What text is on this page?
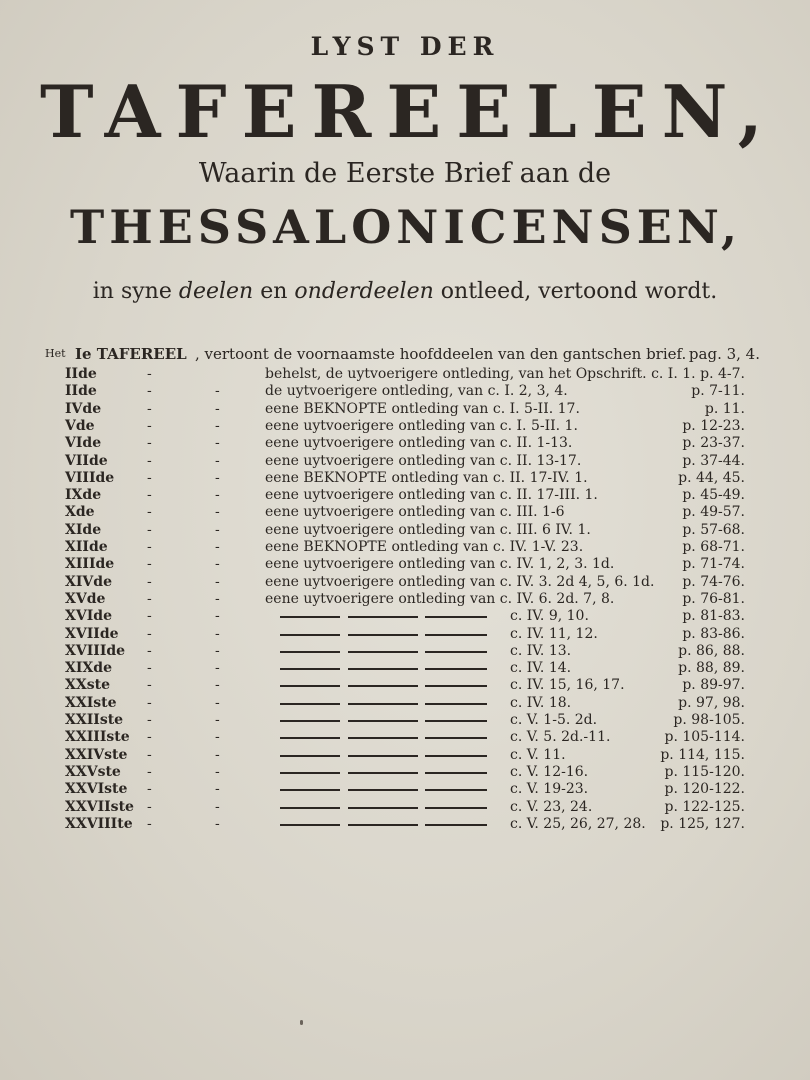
LYST DER
TAFEREELEN,
Waarin de Eerste Brief aan de
THESSALONICENSEN,
in syne deelen en onderdeelen ontleed, vertoond wordt.
Het Ie TAFEREEL , vertoont de voornaamste hoofddeelen van den gantschen brief. pag. 3, 4.
IIde	-	behelst, de uytvoerigere ontleding, van het Opschrift. c. I. 1. p. 4-7.
IIde	-	-	de uytvoerigere ontleding, van c. I. 2, 3, 4.	p. 7-11.
IVde	-	-	eene BEKNOPTE ontleding van c. I. 5-II. 17.	p. 11.
Vde	-	-	eene uytvoerigere ontleding van c. I. 5-II. 1.	p. 12-23.
VIde	-	-	eene uytvoerigere ontleding van c. II. 1-13.	p. 23-37.
VIIde	-	-	eene uytvoerigere ontleding van c. II. 13-17.	p. 37-44.
VIIIde	-	-	eene BEKNOPTE ontleding van c. II. 17-IV. 1.	p. 44, 45.
IXde	-	-	eene uytvoerigere ontleding van c. II. 17-III. 1.	p. 45-49.
Xde	-	-	eene uytvoerigere ontleding van c. III. 1-6	p. 49-57.
XIde	-	-	eene uytvoerigere ontleding van c. III. 6 IV. 1.	p. 57-68.
XIIde	-	-	eene BEKNOPTE ontleding van c. IV. 1-V. 23.	p. 68-71.
XIIIde	-	-	eene uytvoerigere ontleding van c. IV. 1, 2, 3. 1d.	p. 71-74.
XIVde	-	-	eene uytvoerigere ontleding van c. IV. 3. 2d 4, 5, 6. 1d. p. 74-76.
XVde	-	-	eene uytvoerigere ontleding van c. IV. 6. 2d. 7, 8.	p. 76-81.
XVIde	-	-	c. IV. 9, 10.	p. 81-83.
XVIIde	-	-	c. IV. 11, 12.	p. 83-86.
XVIIIde	-	-	c. IV. 13.	p. 86, 88.
XIXde	-	-	c. IV. 14.	p. 88, 89.
XXste	-	-	c. IV. 15, 16, 17.	p. 89-97.
XXIste	-	-	c. IV. 18.	p. 97, 98.
XXIIste	-	-	c. V. 1-5. 2d.	p. 98-105.
XXIIIste	-	-	c. V. 5. 2d.-11.	p. 105-114.
XXIVste	-	-	c. V. 11.	p. 114, 115.
XXVste	-	-	c. V. 12-16.	p. 115-120.
XXVIste	-	-	c. V. 19-23.	p. 120-122.
XXVIIste -	-	c. V. 23, 24.	p. 122-125.
XXVIIIte	-	-	c. V. 25, 26, 27, 28. p. 125, 127.
